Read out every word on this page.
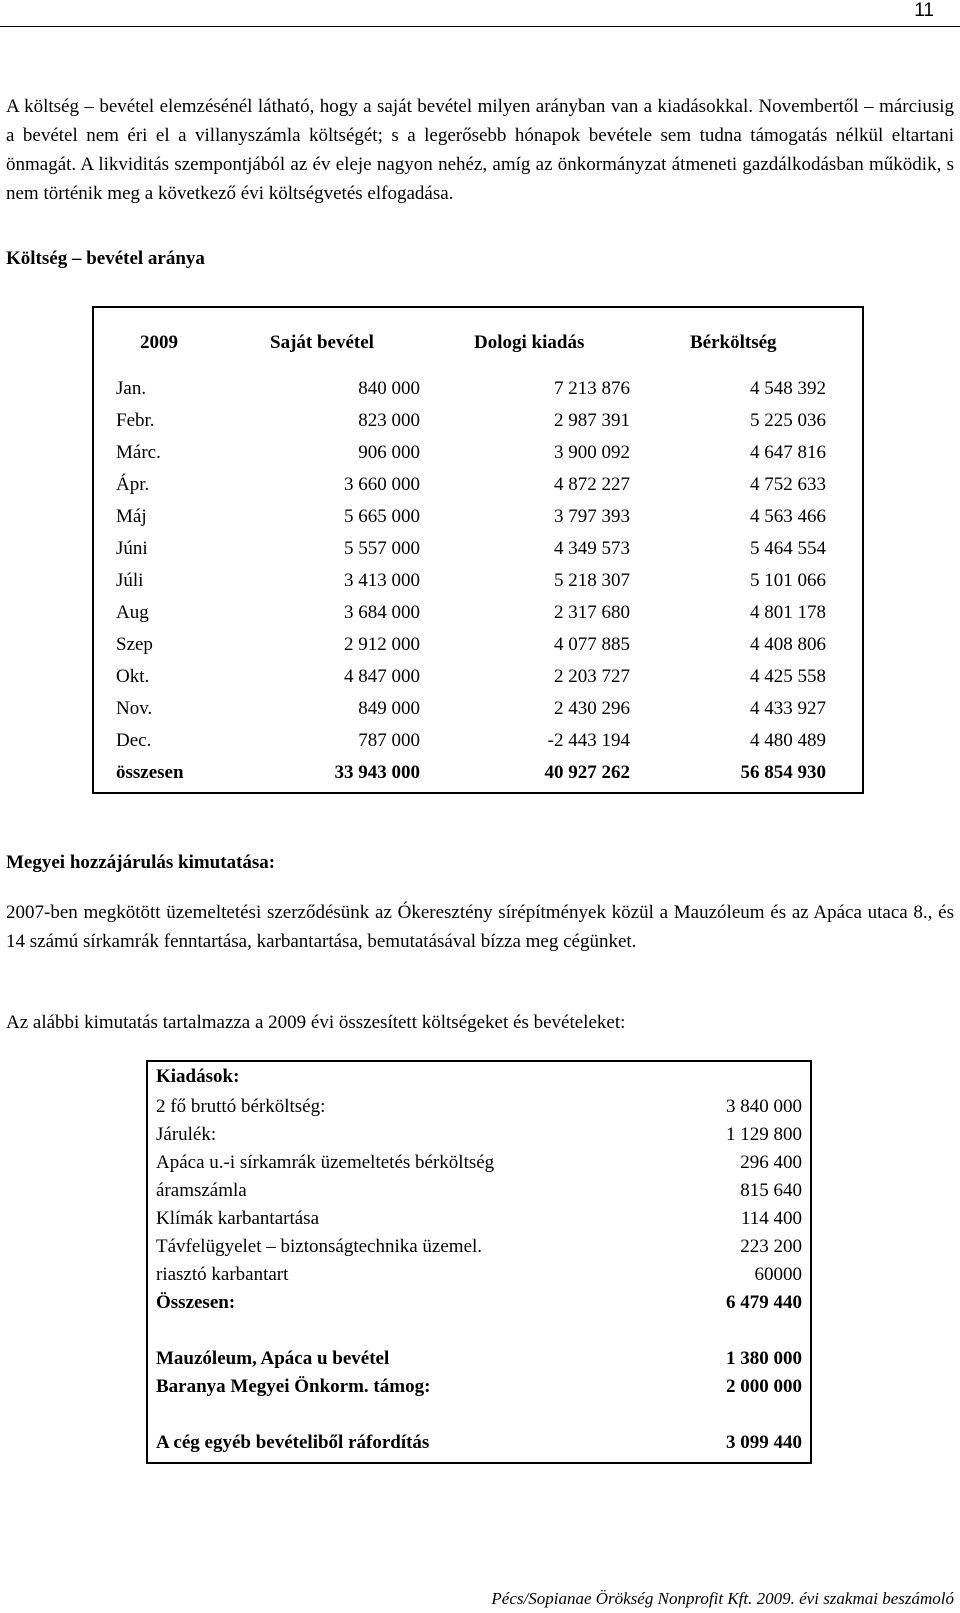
11

A költség – bevétel elemzésénél látható, hogy a saját bevétel milyen arányban van a kiadásokkal. Novembertől – márciusig a bevétel nem éri el a villanyszámla költségét; s a legerősebb hónapok bevétele sem tudna támogatás nélkül eltartani önmagát. A likviditás szempontjából az év eleje nagyon nehéz, amíg az önkormányzat átmeneti gazdálkodásban működik, s nem történik meg a következő évi költségvetés elfogadása.

Költség – bevétel aránya

2009	Saját bevétel	Dologi kiadás	Bérköltség
Jan.	840 000	7 213 876	4 548 392
Febr.	823 000	2 987 391	5 225 036
Márc.	906 000	3 900 092	4 647 816
Ápr.	3 660 000	4 872 227	4 752 633
Máj	5 665 000	3 797 393	4 563 466
Júni	5 557 000	4 349 573	5 464 554
Júli	3 413 000	5 218 307	5 101 066
Aug	3 684 000	2 317 680	4 801 178
Szep	2 912 000	4 077 885	4 408 806
Okt.	4 847 000	2 203 727	4 425 558
Nov.	849 000	2 430 296	4 433 927
Dec.	787 000	-2 443 194	4 480 489
összesen	33 943 000	40 927 262	56 854 930

Megyei hozzájárulás kimutatása:

2007-ben megkötött üzemeltetési szerződésünk az Ókeresztény sírépítmények közül a Mauzóleum és az Apáca utaca 8., és 14 számú sírkamrák fenntartása, karbantartása, bemutatásával bízza meg cégünket.

Az alábbi kimutatás tartalmazza a 2009 évi összesített költségeket és bevételeket:

Kiadások:
2 fő bruttó bérköltség:	3 840 000
Járulék:	1 129 800
Apáca u.-i sírkamrák üzemeltetés bérköltség	296 400
áramszámla	815 640
Klímák karbantartása	114 400
Távfelügyelet – biztonságtechnika üzemel.	223 200
riasztó karbantart	60000
Összesen:	6 479 440
Mauzóleum, Apáca u bevétel	1 380 000
Baranya Megyei Önkorm. támog:	2 000 000
A cég egyéb bevételiből ráfordítás	3 099 440
Pécs/Sopianae Örökség Nonprofit Kft. 2009. évi szakmai beszámoló
